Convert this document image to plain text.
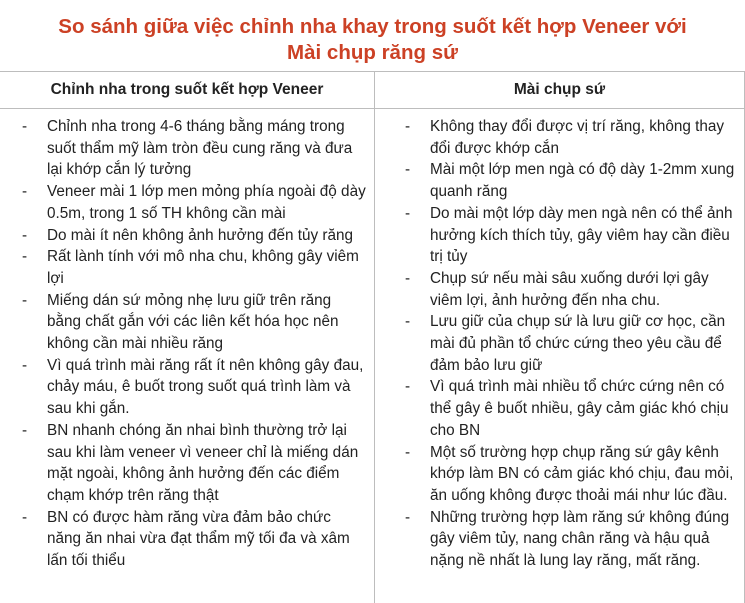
So sánh giữa việc chỉnh nha khay trong suốt kết hợp Veneer với
Mài chụp răng sứ
Chỉnh nha trong suốt kết hợp Veneer	Mài chụp sứ
- Chỉnh nha trong 4-6 tháng bằng máng trong suốt thẩm mỹ làm tròn đều cung răng và đưa lại khớp cắn lý tưởng
- Veneer mài 1 lớp men mỏng phía ngoài độ dày 0.5m, trong 1 số TH không cần mài
- Do mài ít nên không ảnh hưởng đến tủy răng
- Rất lành tính với mô nha chu, không gây viêm lợi
- Miếng dán sứ mỏng nhẹ lưu giữ trên răng bằng chất gắn với các liên kết hóa học nên không cần mài nhiều răng
- Vì quá trình mài răng rất ít nên không gây đau, chảy máu, ê buốt trong suốt quá trình làm và sau khi gắn.
- BN nhanh chóng ăn nhai bình thường trở lại sau khi làm veneer vì veneer chỉ là miếng dán mặt ngoài, không ảnh hưởng đến các điểm chạm khớp trên răng thật
- BN có được hàm răng vừa đảm bảo chức năng ăn nhai vừa đạt thẩm mỹ tối đa và xâm lấn tối thiểu
- Không thay đổi được vị trí răng, không thay đổi được khớp cắn
- Mài một lớp men ngà có độ dày 1-2mm xung quanh răng
- Do mài một lớp dày men ngà nên có thể ảnh hưởng kích thích tủy, gây viêm hay cần điều trị tủy
- Chụp sứ nếu mài sâu xuống dưới lợi gây viêm lợi, ảnh hưởng đến nha chu.
- Lưu giữ của chụp sứ là lưu giữ cơ học, cần mài đủ phần tổ chức cứng theo yêu cầu để đảm bảo lưu giữ
- Vì quá trình mài nhiều tổ chức cứng nên có thể gây ê buốt nhiều, gây cảm giác khó chịu cho BN
- Một số trường hợp chụp răng sứ gây kênh khớp làm BN có cảm giác khó chịu, đau mỏi, ăn uống không được thoải mái như lúc đầu.
- Những trường hợp làm răng sứ không đúng gây viêm tủy, nang chân răng và hậu quả nặng nề nhất là lung lay răng, mất răng.
